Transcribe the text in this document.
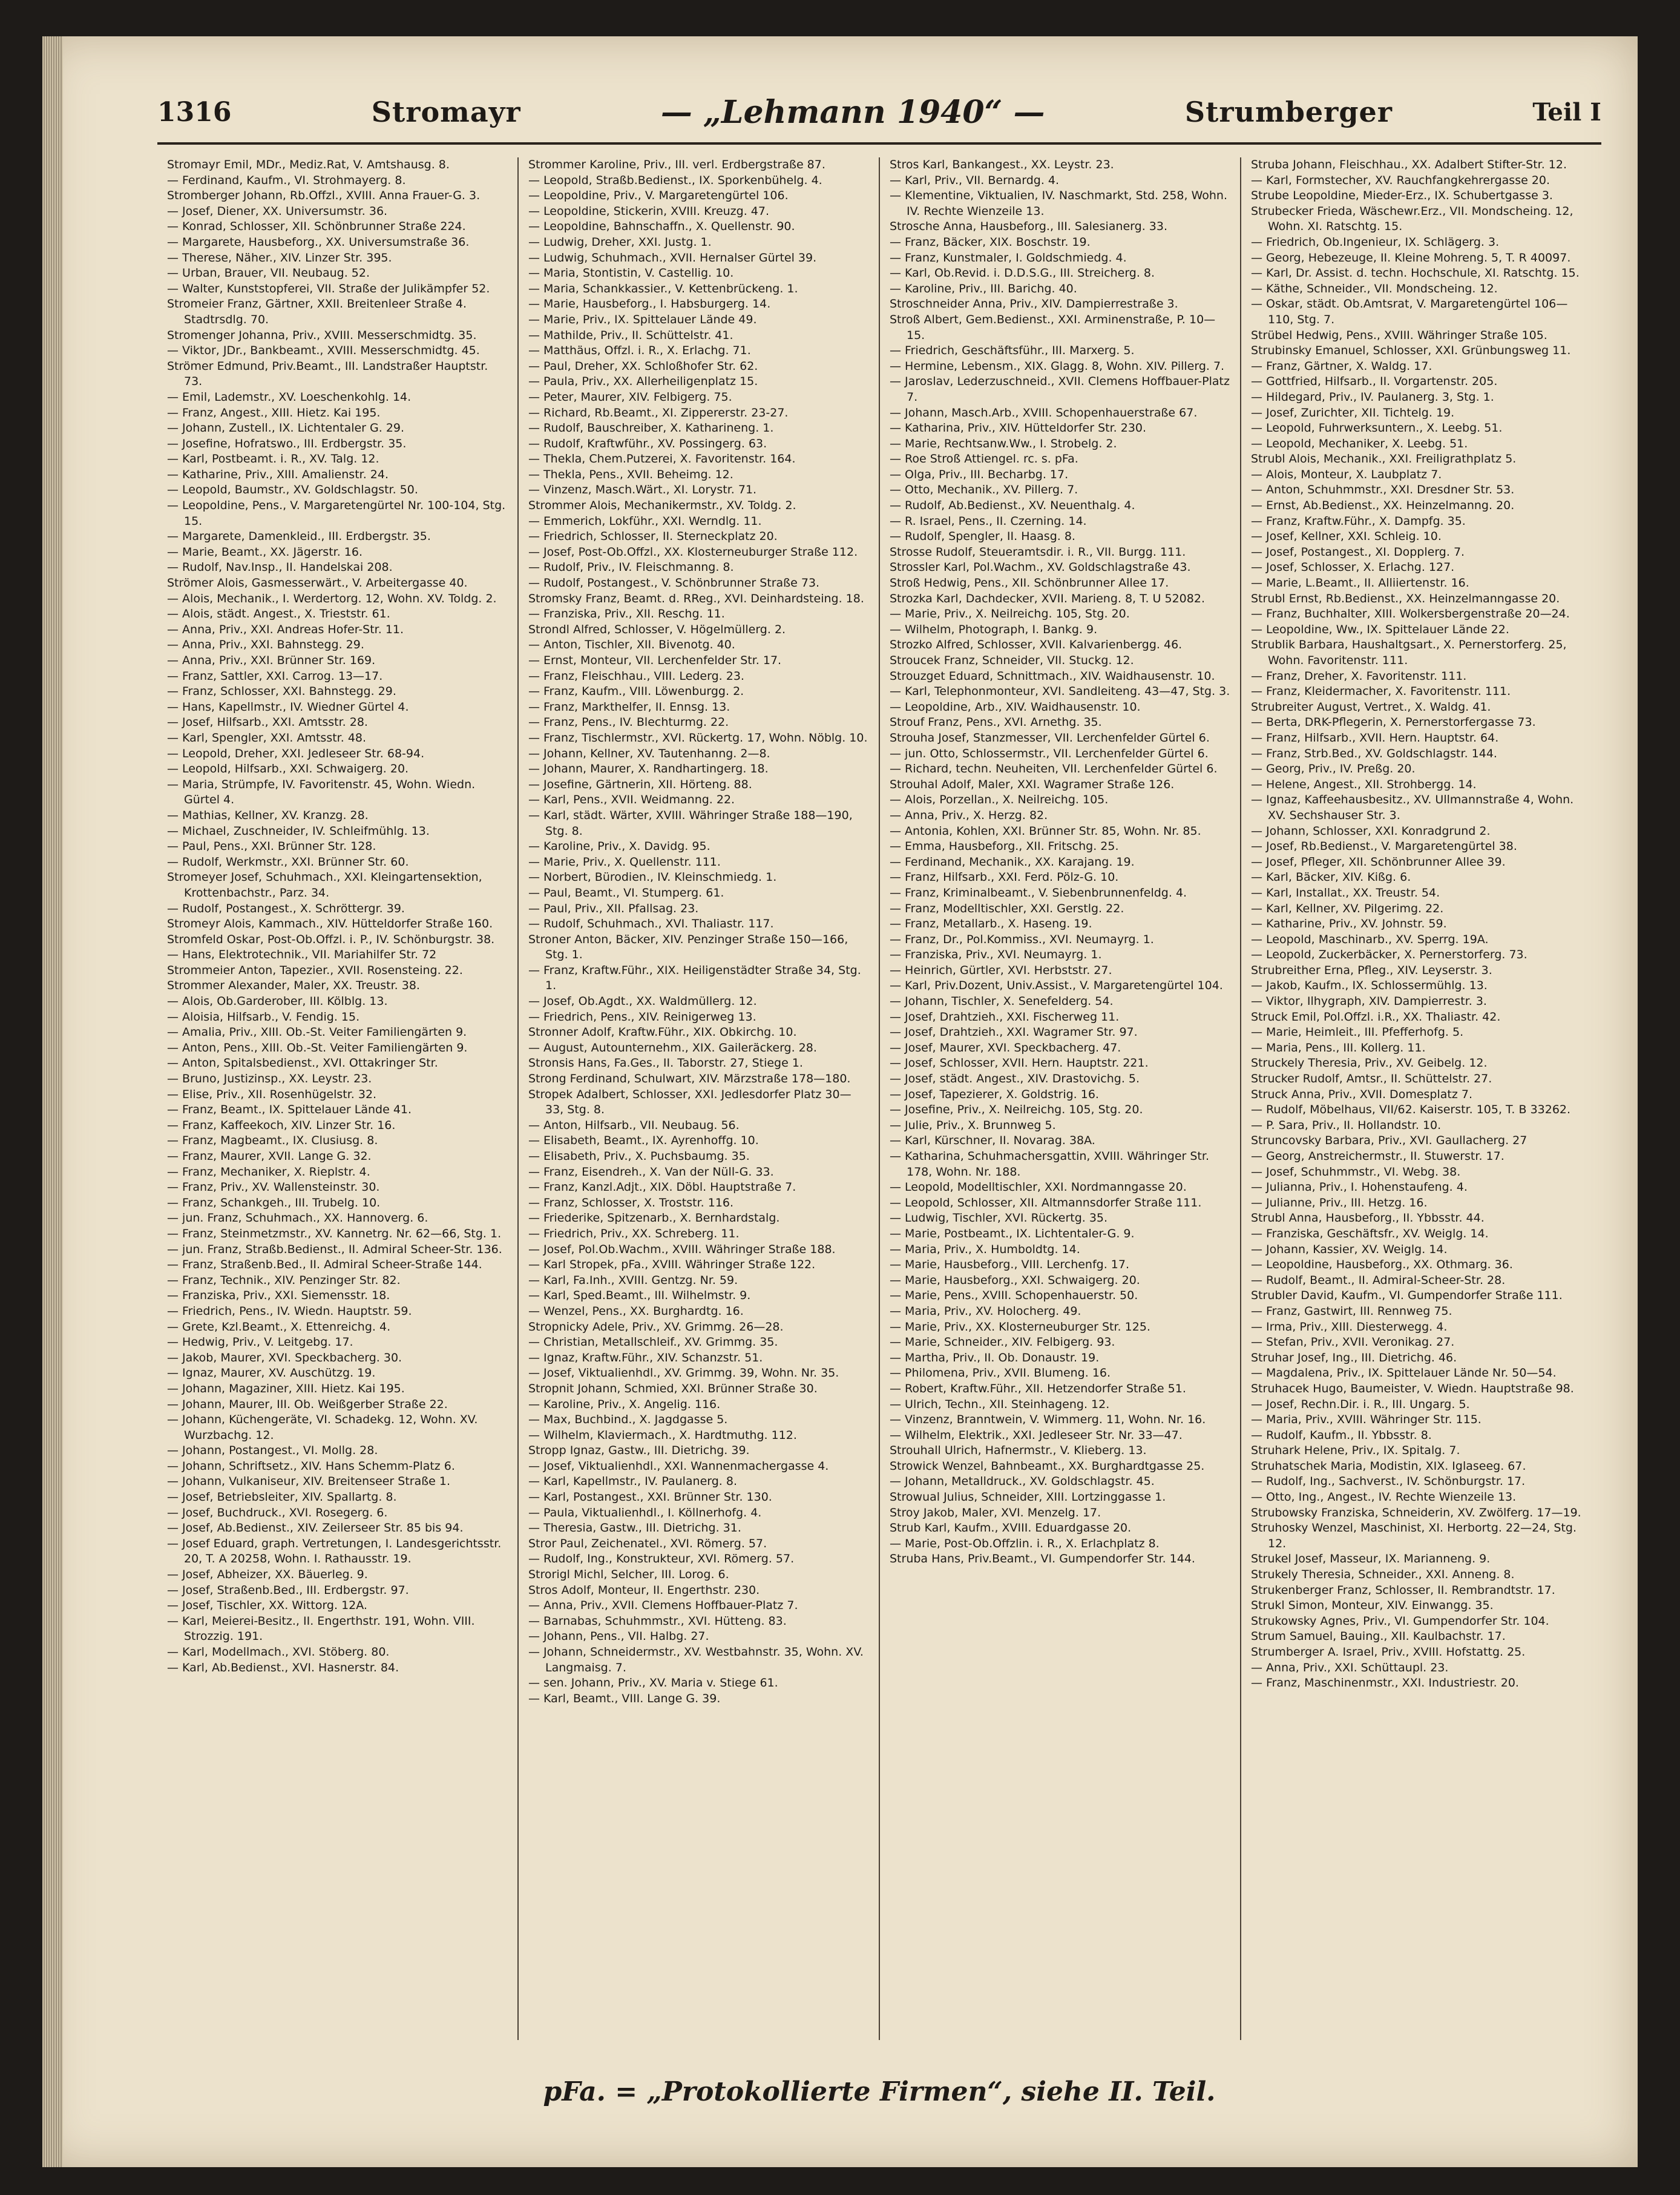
1316	Stromayr	— „Lehmann 1940“ —	Strumberger	Teil I
Stromayr Emil, MDr., Mediz.Rat, V. Amtshausg. 8.
— Ferdinand, Kaufm., VI. Strohmayerg. 8.
Stromberger Johann, Rb.Offzl., XVIII. Anna Frauer-G. 3.
— Josef, Diener, XX. Universumstr. 36.
— Konrad, Schlosser, XII. Schönbrunner Straße 224.
— Margarete, Hausbeforg., XX. Universumstraße 36.
— Therese, Näher., XIV. Linzer Str. 395.
— Urban, Brauer, VII. Neubaug. 52.
— Walter, Kunststopferei, VII. Straße der Julikämpfer 52.
Stromeier Franz, Gärtner, XXII. Breitenleer Straße 4. Stadtrsdlg. 70.
Stromenger Johanna, Priv., XVIII. Messerschmidtg. 35.
— Viktor, JDr., Bankbeamt., XVIII. Messerschmidtg. 45.
Strömer Edmund, Priv.Beamt., III. Landstraßer Hauptstr. 73.
— Emil, Lademstr., XV. Loeschenkohlg. 14.
— Franz, Angest., XIII. Hietz. Kai 195.
— Johann, Zustell., IX. Lichtentaler G. 29.
— Josefine, Hofratswo., III. Erdbergstr. 35.
— Karl, Postbeamt. i. R., XV. Talg. 12.
— Katharine, Priv., XIII. Amalienstr. 24.
— Leopold, Baumstr., XV. Goldschlagstr. 50.
— Leopoldine, Pens., V. Margaretengürtel Nr. 100-104, Stg. 15.
— Margarete, Damenkleid., III. Erdbergstr. 35.
— Marie, Beamt., XX. Jägerstr. 16.
— Rudolf, Nav.Insp., II. Handelskai 208.
Strömer Alois, Gasmesserwärt., V. Arbeitergasse 40.
— Alois, Mechanik., I. Werdertorg. 12, Wohn. XV. Toldg. 2.
— Alois, städt. Angest., X. Trieststr. 61.
— Anna, Priv., XXI. Andreas Hofer-Str. 11.
— Anna, Priv., XXI. Bahnstegg. 29.
— Anna, Priv., XXI. Brünner Str. 169.
— Franz, Sattler, XXI. Carrog. 13—17.
— Franz, Schlosser, XXI. Bahnstegg. 29.
— Hans, Kapellmstr., IV. Wiedner Gürtel 4.
— Josef, Hilfsarb., XXI. Amtsstr. 28.
— Karl, Spengler, XXI. Amtsstr. 48.
— Leopold, Dreher, XXI. Jedleseer Str. 68-94.
— Leopold, Hilfsarb., XXI. Schwaigerg. 20.
— Maria, Strümpfe, IV. Favoritenstr. 45, Wohn. Wiedn. Gürtel 4.
— Mathias, Kellner, XV. Kranzg. 28.
— Michael, Zuschneider, IV. Schleifmühlg. 13.
— Paul, Pens., XXI. Brünner Str. 128.
— Rudolf, Werkmstr., XXI. Brünner Str. 60.
Stromeyer Josef, Schuhmach., XXI. Kleingartensektion, Krottenbachstr., Parz. 34.
— Rudolf, Postangest., X. Schröttergr. 39.
Stromeyr Alois, Kammach., XIV. Hütteldorfer Straße 160.
Stromfeld Oskar, Post-Ob.Offzl. i. P., IV. Schönburgstr. 38.
— Hans, Elektrotechnik., VII. Mariahilfer Str. 72
Strommeier Anton, Tapezier., XVII. Rosensteing. 22.
Strommer Alexander, Maler, XX. Treustr. 38.
— Alois, Ob.Garderober, III. Kölblg. 13.
— Aloisia, Hilfsarb., V. Fendig. 15.
— Amalia, Priv., XIII. Ob.-St. Veiter Familiengärten 9.
— Anton, Pens., XIII. Ob.-St. Veiter Familiengärten 9.
— Anton, Spitalsbedienst., XVI. Ottakringer Str.
— Bruno, Justizinsp., XX. Leystr. 23.
— Elise, Priv., XII. Rosenhügelstr. 32.
— Franz, Beamt., IX. Spittelauer Lände 41.
— Franz, Kaffeekoch, XIV. Linzer Str. 16.
— Franz, Magbeamt., IX. Clusiusg. 8.
— Franz, Maurer, XVII. Lange G. 32.
— Franz, Mechaniker, X. Rieplstr. 4.
— Franz, Priv., XV. Wallensteinstr. 30.
— Franz, Schankgeh., III. Trubelg. 10.
— jun. Franz, Schuhmach., XX. Hannoverg. 6.
— Franz, Steinmetzmstr., XV. Kannetrg. Nr. 62—66, Stg. 1.
— jun. Franz, Straßb.Bedienst., II. Admiral Scheer-Str. 136.
— Franz, Straßenb.Bed., II. Admiral Scheer-Straße 144.
— Franz, Technik., XIV. Penzinger Str. 82.
— Franziska, Priv., XXI. Siemensstr. 18.
— Friedrich, Pens., IV. Wiedn. Hauptstr. 59.
— Grete, Kzl.Beamt., X. Ettenreichg. 4.
— Hedwig, Priv., V. Leitgebg. 17.
— Jakob, Maurer, XVI. Speckbacherg. 30.
— Ignaz, Maurer, XV. Auschützg. 19.
— Johann, Magaziner, XIII. Hietz. Kai 195.
— Johann, Maurer, III. Ob. Weißgerber Straße 22.
— Johann, Küchengeräte, VI. Schadekg. 12, Wohn. XV. Wurzbachg. 12.
— Johann, Postangest., VI. Mollg. 28.
— Johann, Schriftsetz., XIV. Hans Schemm-Platz 6.
— Johann, Vulkaniseur, XIV. Breitenseer Straße 1.
— Josef, Betriebsleiter, XIV. Spallartg. 8.
— Josef, Buchdruck., XVI. Rosegerg. 6.
— Josef, Ab.Bedienst., XIV. Zeilerseer Str. 85 bis 94.
— Josef Eduard, graph. Vertretungen, I. Landesgerichtsstr. 20, T. A 20258, Wohn. I. Rathausstr. 19.
— Josef, Abheizer, XX. Bäuerleg. 9.
— Josef, Straßenb.Bed., III. Erdbergstr. 97.
— Josef, Tischler, XX. Wittorg. 12A.
— Karl, Meierei-Besitz., II. Engerthstr. 191, Wohn. VIII. Strozzig. 191.
— Karl, Modellmach., XVI. Stöberg. 80.
— Karl, Ab.Bedienst., XVI. Hasnerstr. 84.
Strommer Karoline, Priv., III. verl. Erdbergstraße 87.
— Leopold, Straßb.Bedienst., IX. Sporkenbühelg. 4.
— Leopoldine, Priv., V. Margaretengürtel 106.
— Leopoldine, Stickerin, XVIII. Kreuzg. 47.
— Leopoldine, Bahnschaffn., X. Quellenstr. 90.
— Ludwig, Dreher, XXI. Justg. 1.
— Ludwig, Schuhmach., XVII. Hernalser Gürtel 39.
— Maria, Stontistin, V. Castellig. 10.
— Maria, Schankkassier., V. Kettenbrückeng. 1.
— Marie, Hausbeforg., I. Habsburgerg. 14.
— Marie, Priv., IX. Spittelauer Lände 49.
— Mathilde, Priv., II. Schüttelstr. 41.
— Matthäus, Offzl. i. R., X. Erlachg. 71.
— Paul, Dreher, XX. Schloßhofer Str. 62.
— Paula, Priv., XX. Allerheiligenplatz 15.
— Peter, Maurer, XIV. Felbigerg. 75.
— Richard, Rb.Beamt., XI. Zippererstr. 23-27.
— Rudolf, Bauschreiber, X. Katharineng. 1.
— Rudolf, Kraftwführ., XV. Possingerg. 63.
— Thekla, Chem.Putzerei, X. Favoritenstr. 164.
— Thekla, Pens., XVII. Beheimg. 12.
— Vinzenz, Masch.Wärt., XI. Lorystr. 71.
Strommer Alois, Mechanikermstr., XV. Toldg. 2.
— Emmerich, Lokführ., XXI. Werndlg. 11.
— Friedrich, Schlosser, II. Sterneckplatz 20.
— Josef, Post-Ob.Offzl., XX. Klosterneuburger Straße 112.
— Rudolf, Priv., IV. Fleischmanng. 8.
— Rudolf, Postangest., V. Schönbrunner Straße 73.
Stromsky Franz, Beamt. d. RReg., XVI. Deinhardsteing. 18.
— Franziska, Priv., XII. Reschg. 11.
Strondl Alfred, Schlosser, V. Högelmüllerg. 2.
— Anton, Tischler, XII. Bivenotg. 40.
— Ernst, Monteur, VII. Lerchenfelder Str. 17.
— Franz, Fleischhau., VIII. Lederg. 23.
— Franz, Kaufm., VIII. Löwenburgg. 2.
— Franz, Markthelfer, II. Ennsg. 13.
— Franz, Pens., IV. Blechturmg. 22.
— Franz, Tischlermstr., XVI. Rückertg. 17, Wohn. Nöblg. 10.
— Johann, Kellner, XV. Tautenhanng. 2—8.
— Johann, Maurer, X. Randhartingerg. 18.
— Josefine, Gärtnerin, XII. Hörteng. 88.
— Karl, Pens., XVII. Weidmanng. 22.
— Karl, städt. Wärter, XVIII. Währinger Straße 188—190, Stg. 8.
— Karoline, Priv., X. Davidg. 95.
— Marie, Priv., X. Quellenstr. 111.
— Norbert, Bürodien., IV. Kleinschmiedg. 1.
— Paul, Beamt., VI. Stumperg. 61.
— Paul, Priv., XII. Pfallsag. 23.
— Rudolf, Schuhmach., XVI. Thaliastr. 117.
Stroner Anton, Bäcker, XIV. Penzinger Straße 150—166, Stg. 1.
— Franz, Kraftw.Führ., XIX. Heiligenstädter Straße 34, Stg. 1.
— Josef, Ob.Agdt., XX. Waldmüllerg. 12.
— Friedrich, Pens., XIV. Reinigerweg 13.
Stronner Adolf, Kraftw.Führ., XIX. Obkirchg. 10.
— August, Autounternehm., XIX. Gaileräckerg. 28.
Stronsis Hans, Fa.Ges., II. Taborstr. 27, Stiege 1.
Strong Ferdinand, Schulwart, XIV. Märzstraße 178—180.
Stropek Adalbert, Schlosser, XXI. Jedlesdorfer Platz 30—33, Stg. 8.
— Anton, Hilfsarb., VII. Neubaug. 56.
— Elisabeth, Beamt., IX. Ayrenhoffg. 10.
— Elisabeth, Priv., X. Puchsbaumg. 35.
— Franz, Eisendreh., X. Van der Nüll-G. 33.
— Franz, Kanzl.Adjt., XIX. Döbl. Hauptstraße 7.
— Franz, Schlosser, X. Troststr. 116.
— Friederike, Spitzenarb., X. Bernhardstalg.
— Friedrich, Priv., XX. Schreberg. 11.
— Josef, Pol.Ob.Wachm., XVIII. Währinger Straße 188.
— Karl Stropek, pFa., XVIII. Währinger Straße 122.
— Karl, Fa.Inh., XVIII. Gentzg. Nr. 59.
— Karl, Sped.Beamt., III. Wilhelmstr. 9.
— Wenzel, Pens., XX. Burghardtg. 16.
Stropnicky Adele, Priv., XV. Grimmg. 26—28.
— Christian, Metallschleif., XV. Grimmg. 35.
— Ignaz, Kraftw.Führ., XIV. Schanzstr. 51.
— Josef, Viktualienhdl., XV. Grimmg. 39, Wohn. Nr. 35.
Stropnit Johann, Schmied, XXI. Brünner Straße 30.
— Karoline, Priv., X. Angelig. 116.
— Max, Buchbind., X. Jagdgasse 5.
— Wilhelm, Klaviermach., X. Hardtmuthg. 112.
Stropp Ignaz, Gastw., III. Dietrichg. 39.
— Josef, Viktualienhdl., XXI. Wannenmachergasse 4.
— Karl, Kapellmstr., IV. Paulanerg. 8.
— Karl, Postangest., XXI. Brünner Str. 130.
— Paula, Viktualienhdl., I. Köllnerhofg. 4.
— Theresia, Gastw., III. Dietrichg. 31.
Stror Paul, Zeichenatel., XVI. Römerg. 57.
— Rudolf, Ing., Konstrukteur, XVI. Römerg. 57.
Strorigl Michl, Selcher, III. Lorog. 6.
Stros Adolf, Monteur, II. Engerthstr. 230.
— Anna, Priv., XVII. Clemens Hoffbauer-Platz 7.
— Barnabas, Schuhmmstr., XVI. Hütteng. 83.
— Johann, Pens., VII. Halbg. 27.
— Johann, Schneidermstr., XV. Westbahnstr. 35, Wohn. XV. Langmaisg. 7.
— sen. Johann, Priv., XV. Maria v. Stiege 61.
— Karl, Beamt., VIII. Lange G. 39.
Stros Karl, Bankangest., XX. Leystr. 23.
— Karl, Priv., VII. Bernardg. 4.
— Klementine, Viktualien, IV. Naschmarkt, Std. 258, Wohn. IV. Rechte Wienzeile 13.
Strosche Anna, Hausbeforg., III. Salesianerg. 33.
— Franz, Bäcker, XIX. Boschstr. 19.
— Franz, Kunstmaler, I. Goldschmiedg. 4.
— Karl, Ob.Revid. i. D.D.S.G., III. Streicherg. 8.
— Karoline, Priv., III. Barichg. 40.
Stroschneider Anna, Priv., XIV. Dampierrestraße 3.
Stroß Albert, Gem.Bedienst., XXI. Arminenstraße, P. 10—15.
— Friedrich, Geschäftsführ., III. Marxerg. 5.
— Hermine, Lebensm., XIX. Glagg. 8, Wohn. XIV. Pillerg. 7.
— Jaroslav, Lederzuschneid., XVII. Clemens Hoffbauer-Platz 7.
— Johann, Masch.Arb., XVIII. Schopenhauerstraße 67.
— Katharina, Priv., XIV. Hütteldorfer Str. 230.
— Marie, Rechtsanw.Ww., I. Strobelg. 2.
— Roe Stroß Attiengel. rc. s. pFa.
— Olga, Priv., III. Becharbg. 17.
— Otto, Mechanik., XV. Pillerg. 7.
— Rudolf, Ab.Bedienst., XV. Neuenthalg. 4.
— R. Israel, Pens., II. Czerning. 14.
— Rudolf, Spengler, II. Haasg. 8.
Strosse Rudolf, Steueramtsdir. i. R., VII. Burgg. 111.
Strossler Karl, Pol.Wachm., XV. Goldschlagstraße 43.
Stroß Hedwig, Pens., XII. Schönbrunner Allee 17.
Strozka Karl, Dachdecker, XVII. Marieng. 8, T. U 52082.
— Marie, Priv., X. Neilreichg. 105, Stg. 20.
— Wilhelm, Photograph, I. Bankg. 9.
Strozko Alfred, Schlosser, XVII. Kalvarienbergg. 46.
Stroucek Franz, Schneider, VII. Stuckg. 12.
Strouzget Eduard, Schnittmach., XIV. Waidhausenstr. 10.
— Karl, Telephonmonteur, XVI. Sandleiteng. 43—47, Stg. 3.
— Leopoldine, Arb., XIV. Waidhausenstr. 10.
Strouf Franz, Pens., XVI. Arnethg. 35.
Strouha Josef, Stanzmesser, VII. Lerchenfelder Gürtel 6.
— jun. Otto, Schlossermstr., VII. Lerchenfelder Gürtel 6.
— Richard, techn. Neuheiten, VII. Lerchenfelder Gürtel 6.
Strouhal Adolf, Maler, XXI. Wagramer Straße 126.
— Alois, Porzellan., X. Neilreichg. 105.
— Anna, Priv., X. Herzg. 82.
— Antonia, Kohlen, XXI. Brünner Str. 85, Wohn. Nr. 85.
— Emma, Hausbeforg., XII. Fritschg. 25.
— Ferdinand, Mechanik., XX. Karajang. 19.
— Franz, Hilfsarb., XXI. Ferd. Pölz-G. 10.
— Franz, Kriminalbeamt., V. Siebenbrunnenfeldg. 4.
— Franz, Modelltischler, XXI. Gerstlg. 22.
— Franz, Metallarb., X. Haseng. 19.
— Franz, Dr., Pol.Kommiss., XVI. Neumayrg. 1.
— Franziska, Priv., XVI. Neumayrg. 1.
— Heinrich, Gürtler, XVI. Herbststr. 27.
— Karl, Priv.Dozent, Univ.Assist., V. Margaretengürtel 104.
— Johann, Tischler, X. Senefelderg. 54.
— Josef, Drahtzieh., XXI. Fischerweg 11.
— Josef, Drahtzieh., XXI. Wagramer Str. 97.
— Josef, Maurer, XVI. Speckbacherg. 47.
— Josef, Schlosser, XVII. Hern. Hauptstr. 221.
— Josef, städt. Angest., XIV. Drastovichg. 5.
— Josef, Tapezierer, X. Goldstrig. 16.
— Josefine, Priv., X. Neilreichg. 105, Stg. 20.
— Julie, Priv., X. Brunnweg 5.
— Karl, Kürschner, II. Novarag. 38A.
— Katharina, Schuhmachersgattin, XVIII. Währinger Str. 178, Wohn. Nr. 188.
— Leopold, Modelltischler, XXI. Nordmanngasse 20.
— Leopold, Schlosser, XII. Altmannsdorfer Straße 111.
— Ludwig, Tischler, XVI. Rückertg. 35.
— Marie, Postbeamt., IX. Lichtentaler-G. 9.
— Maria, Priv., X. Humboldtg. 14.
— Marie, Hausbeforg., VIII. Lerchenfg. 17.
— Marie, Hausbeforg., XXI. Schwaigerg. 20.
— Marie, Pens., XVIII. Schopenhauerstr. 50.
— Maria, Priv., XV. Holocherg. 49.
— Marie, Priv., XX. Klosterneuburger Str. 125.
— Marie, Schneider., XIV. Felbigerg. 93.
— Martha, Priv., II. Ob. Donaustr. 19.
— Philomena, Priv., XVII. Blumeng. 16.
— Robert, Kraftw.Führ., XII. Hetzendorfer Straße 51.
— Ulrich, Techn., XII. Steinhageng. 12.
— Vinzenz, Branntwein, V. Wimmerg. 11, Wohn. Nr. 16.
— Wilhelm, Elektrik., XXI. Jedleseer Str. Nr. 33—47.
Strouhall Ulrich, Hafnermstr., V. Klieberg. 13.
Strowick Wenzel, Bahnbeamt., XX. Burghardtgasse 25.
— Johann, Metalldruck., XV. Goldschlagstr. 45.
Strowual Julius, Schneider, XIII. Lortzinggasse 1.
Stroy Jakob, Maler, XVI. Menzelg. 17.
Strub Karl, Kaufm., XVIII. Eduardgasse 20.
— Marie, Post-Ob.Offzlin. i. R., X. Erlachplatz 8.
Struba Hans, Priv.Beamt., VI. Gumpendorfer Str. 144.
Struba Johann, Fleischhau., XX. Adalbert Stifter-Str. 12.
— Karl, Formstecher, XV. Rauchfangkehrergasse 20.
Strube Leopoldine, Mieder-Erz., IX. Schubertgasse 3.
Strubecker Frieda, Wäschewr.Erz., VII. Mondscheing. 12, Wohn. XI. Ratschtg. 15.
— Friedrich, Ob.Ingenieur, IX. Schlägerg. 3.
— Georg, Hebezeuge, II. Kleine Mohreng. 5, T. R 40097.
— Karl, Dr. Assist. d. techn. Hochschule, XI. Ratschtg. 15.
— Käthe, Schneider., VII. Mondscheing. 12.
— Oskar, städt. Ob.Amtsrat, V. Margaretengürtel 106—110, Stg. 7.
Strübel Hedwig, Pens., XVIII. Währinger Straße 105.
Strubinsky Emanuel, Schlosser, XXI. Grünbungsweg 11.
— Franz, Gärtner, X. Waldg. 17.
— Gottfried, Hilfsarb., II. Vorgartenstr. 205.
— Hildegard, Priv., IV. Paulanerg. 3, Stg. 1.
— Josef, Zurichter, XII. Tichtelg. 19.
— Leopold, Fuhrwerksuntern., X. Leebg. 51.
— Leopold, Mechaniker, X. Leebg. 51.
Strubl Alois, Mechanik., XXI. Freiligrathplatz 5.
— Alois, Monteur, X. Laubplatz 7.
— Anton, Schuhmmstr., XXI. Dresdner Str. 53.
— Ernst, Ab.Bedienst., XX. Heinzelmanng. 20.
— Franz, Kraftw.Führ., X. Dampfg. 35.
— Josef, Kellner, XXI. Schleig. 10.
— Josef, Postangest., XI. Dopplerg. 7.
— Josef, Schlosser, X. Erlachg. 127.
— Marie, L.Beamt., II. Alliiertenstr. 16.
Strubl Ernst, Rb.Bedienst., XX. Heinzelmanngasse 20.
— Franz, Buchhalter, XIII. Wolkersbergenstraße 20—24.
— Leopoldine, Ww., IX. Spittelauer Lände 22.
Strublik Barbara, Haushaltgsart., X. Pernerstorferg. 25, Wohn. Favoritenstr. 111.
— Franz, Dreher, X. Favoritenstr. 111.
— Franz, Kleidermacher, X. Favoritenstr. 111.
Strubreiter August, Vertret., X. Waldg. 41.
— Berta, DRK-Pflegerin, X. Pernerstorfergasse 73.
— Franz, Hilfsarb., XVII. Hern. Hauptstr. 64.
— Franz, Strb.Bed., XV. Goldschlagstr. 144.
— Georg, Priv., IV. Preßg. 20.
— Helene, Angest., XII. Strohbergg. 14.
— Ignaz, Kaffeehausbesitz., XV. Ullmannstraße 4, Wohn. XV. Sechshauser Str. 3.
— Johann, Schlosser, XXI. Konradgrund 2.
— Josef, Rb.Bedienst., V. Margaretengürtel 38.
— Josef, Pfleger, XII. Schönbrunner Allee 39.
— Karl, Bäcker, XIV. Kißg. 6.
— Karl, Installat., XX. Treustr. 54.
— Karl, Kellner, XV. Pilgerimg. 22.
— Katharine, Priv., XV. Johnstr. 59.
— Leopold, Maschinarb., XV. Sperrg. 19A.
— Leopold, Zuckerbäcker, X. Pernerstorferg. 73.
Strubreither Erna, Pfleg., XIV. Leyserstr. 3.
— Jakob, Kaufm., IX. Schlossermühlg. 13.
— Viktor, Ilhygraph, XIV. Dampierrestr. 3.
Struck Emil, Pol.Offzl. i.R., XX. Thaliastr. 42.
— Marie, Heimleit., III. Pfefferhofg. 5.
— Maria, Pens., III. Kollerg. 11.
Struckely Theresia, Priv., XV. Geibelg. 12.
Strucker Rudolf, Amtsr., II. Schüttelstr. 27.
Struck Anna, Priv., XVII. Domesplatz 7.
— Rudolf, Möbelhaus, VII/62. Kaiserstr. 105, T. B 33262.
— P. Sara, Priv., II. Hollandstr. 10.
Struncovsky Barbara, Priv., XVI. Gaullacherg. 27
— Georg, Anstreichermstr., II. Stuwerstr. 17.
— Josef, Schuhmmstr., VI. Webg. 38.
— Julianna, Priv., I. Hohenstaufeng. 4.
— Julianne, Priv., III. Hetzg. 16.
Strubl Anna, Hausbeforg., II. Ybbsstr. 44.
— Franziska, Geschäftsfr., XV. Weiglg. 14.
— Johann, Kassier, XV. Weiglg. 14.
— Leopoldine, Hausbeforg., XX. Othmarg. 36.
— Rudolf, Beamt., II. Admiral-Scheer-Str. 28.
Strubler David, Kaufm., VI. Gumpendorfer Straße 111.
— Franz, Gastwirt, III. Rennweg 75.
— Irma, Priv., XIII. Diesterwegg. 4.
— Stefan, Priv., XVII. Veronikag. 27.
Struhar Josef, Ing., III. Dietrichg. 46.
— Magdalena, Priv., IX. Spittelauer Lände Nr. 50—54.
Struhacek Hugo, Baumeister, V. Wiedn. Hauptstraße 98.
— Josef, Rechn.Dir. i. R., III. Ungarg. 5.
— Maria, Priv., XVIII. Währinger Str. 115.
— Rudolf, Kaufm., II. Ybbsstr. 8.
Struhark Helene, Priv., IX. Spitalg. 7.
Struhatschek Maria, Modistin, XIX. Iglaseeg. 67.
— Rudolf, Ing., Sachverst., IV. Schönburgstr. 17.
— Otto, Ing., Angest., IV. Rechte Wienzeile 13.
Strubowsky Franziska, Schneiderin, XV. Zwölferg. 17—19.
Struhosky Wenzel, Maschinist, XI. Herbortg. 22—24, Stg. 12.
Strukel Josef, Masseur, IX. Marianneng. 9.
Strukely Theresia, Schneider., XXI. Anneng. 8.
Strukenberger Franz, Schlosser, II. Rembrandtstr. 17.
Strukl Simon, Monteur, XIV. Einwangg. 35.
Strukowsky Agnes, Priv., VI. Gumpendorfer Str. 104.
Strum Samuel, Bauing., XII. Kaulbachstr. 17.
Strumberger A. Israel, Priv., XVIII. Hofstattg. 25.
— Anna, Priv., XXI. Schüttaupl. 23.
— Franz, Maschinenmstr., XXI. Industriestr. 20.
pFa. = „Protokollierte Firmen“, siehe II. Teil.
